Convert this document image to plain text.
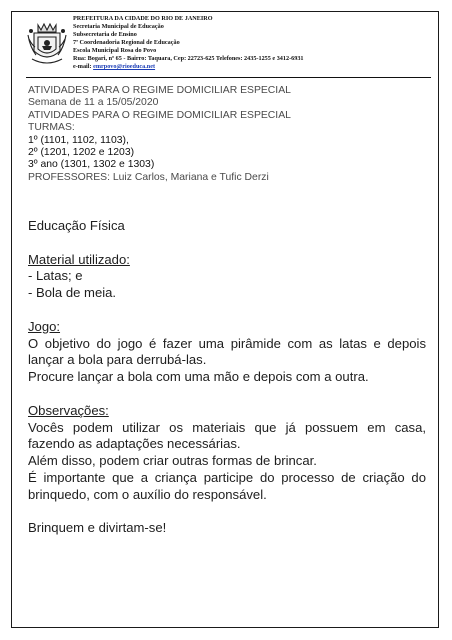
PREFEITURA DA CIDADE DO RIO DE JANEIRO
Secretaria Municipal de Educação
Subsecretaria de Ensino
7ª Coordenadoria Regional de Educação
Escola Municipal Rosa do Povo
Rua: Bogari, nº 65 - Bairro: Taquara, Cep: 22723-625 Telefones: 2435-1255 e 3412-6931
e-mail: emrpovo@rioeduca.net
ATIVIDADES PARA O REGIME DOMICILIAR ESPECIAL
Semana de 11 a 15/05/2020
ATIVIDADES PARA O REGIME DOMICILIAR ESPECIAL
TURMAS:
1º (1101, 1102, 1103),
2º (1201, 1202 e 1203)
3º ano (1301, 1302 e 1303)
PROFESSORES: Luiz Carlos, Mariana e Tufic Derzi

Educação Física

Material utilizado:

- Latas; e

- Bola de meia.

Jogo:

O objetivo do jogo é fazer uma pirâmide com as latas e depois lançar a bola para derrubá-las.

Procure lançar a bola com uma mão e depois com a outra.

Observações:

Vocês podem utilizar os materiais que já possuem em casa, fazendo as adaptações necessárias.

Além disso, podem criar outras formas de brincar.

É importante que a criança participe do processo de criação do brinquedo, com o auxílio do responsável.

Brinquem e divirtam-se!
